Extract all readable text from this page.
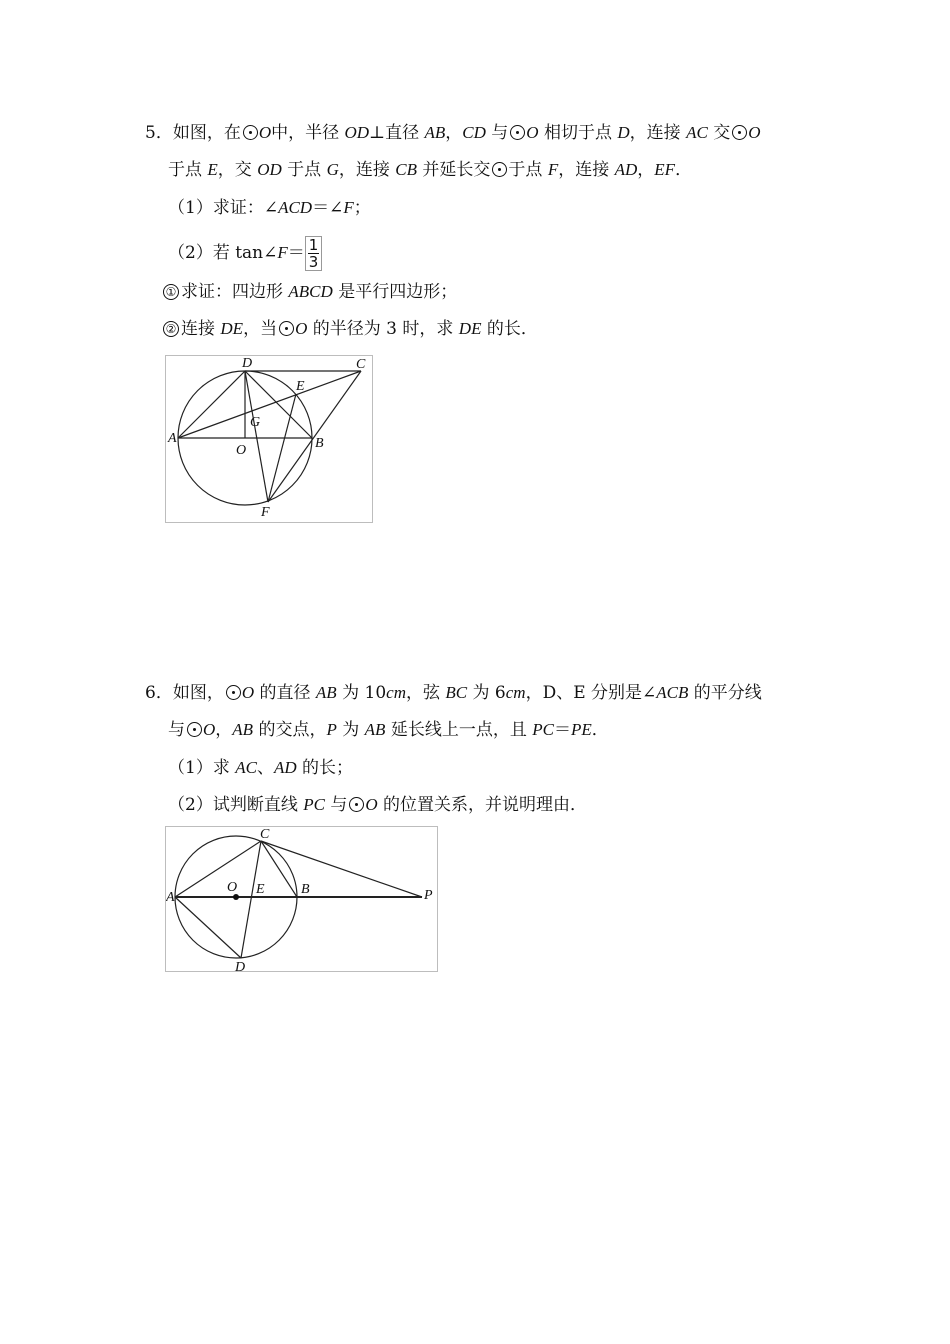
5．如图，在 O中，半径 OD⊥直径 AB，CD 与 O 相切于点 D，连接 AC 交 O
于点 E，交 OD 于点 G，连接 CB 并延长交 于点 F，连接 AD，EF．
（1）求证：∠ACD＝∠F；
（2）若 tan∠F＝ $\frac{1}{3}$
① 求证：四边形 ABCD 是平行四边形；
② 连接 DE，当 O 的半径为 3 时，求 DE 的长．
A	B
C
D
E
F
G
O
6．如图， O 的直径 AB 为 10cm，弦 BC 为 6cm，D、E 分别是∠ACB 的平分线
与 O，AB 的交点，P 为 AB 延长线上一点，且 PC＝PE．
（1）求 AC、AD 的长；
（2）试判断直线 PC 与 O 的位置关系，并说明理由．
A
B
C
D
E
O
P
